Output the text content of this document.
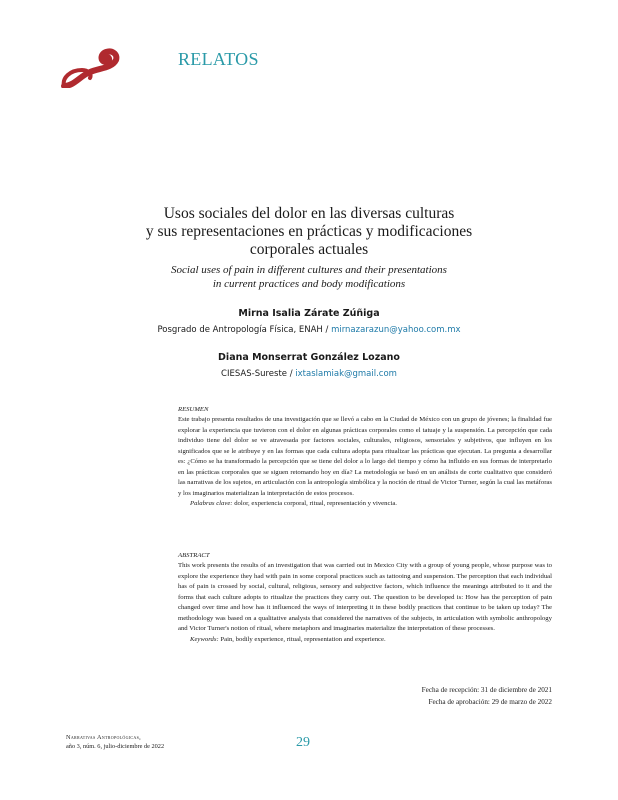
RELATOS
Usos sociales del dolor en las diversas culturas
y sus representaciones en prácticas y modificaciones
corporales actuales
Social uses of pain in different cultures and their presentations
in current practices and body modifications
Mirna Isalia Zárate Zúñiga
Posgrado de Antropología Física, ENAH / mirnazarazun@yahoo.com.mx
Diana Monserrat González Lozano
CIESAS-Sureste / ixtaslamiak@gmail.com
RESUMEN

Este trabajo presenta resultados de una investigación que se llevó a cabo en la Ciudad de México con un grupo de jóvenes; la finalidad fue explorar la experiencia que tuvieron con el dolor en algunas prácticas corporales como el tatuaje y la suspensión. La percepción que cada individuo tiene del dolor se ve atravesada por factores sociales, culturales, religiosos, sensoriales y subjetivos, que influyen en los significados que se le atribuye y en las formas que cada cultura adopta para ritualizar las prácticas que ejecutan. La pregunta a desarrollar es: ¿Cómo se ha transformado la percepción que se tiene del dolor a lo largo del tiempo y cómo ha influido en sus formas de interpretarlo en las prácticas corporales que se siguen retomando hoy en día? La metodología se basó en un análisis de corte cualitativo que consideró las narrativas de los sujetos, en articulación con la antropología simbólica y la noción de ritual de Victor Turner, según la cual las metáforas y los imaginarios materializan la interpretación de estos procesos.

Palabras clave: dolor, experiencia corporal, ritual, representación y vivencia.
ABSTRACT

This work presents the results of an investigation that was carried out in Mexico City with a group of young people, whose purpose was to explore the experience they had with pain in some corporal practices such as tattooing and suspension. The perception that each individual has of pain is crossed by social, cultural, religious, sensory and subjective factors, which influence the meanings attributed to it and the forms that each culture adopts to ritualize the practices they carry out. The question to be developed is: How has the perception of pain changed over time and how has it influenced the ways of interpreting it in these bodily practices that continue to be taken up today? The methodology was based on a qualitative analysis that considered the narratives of the subjects, in articulation with symbolic anthropology and Victor Turner's notion of ritual, where metaphors and imaginaries materialize the interpretation of these processes.

Keywords: Pain, bodily experience, ritual, representation and experience.
Fecha de recepción: 31 de diciembre de 2021
Fecha de aprobación: 29 de marzo de 2022
Narrativas Antropológicas,
año 3, núm. 6, julio-diciembre de 2022	29
